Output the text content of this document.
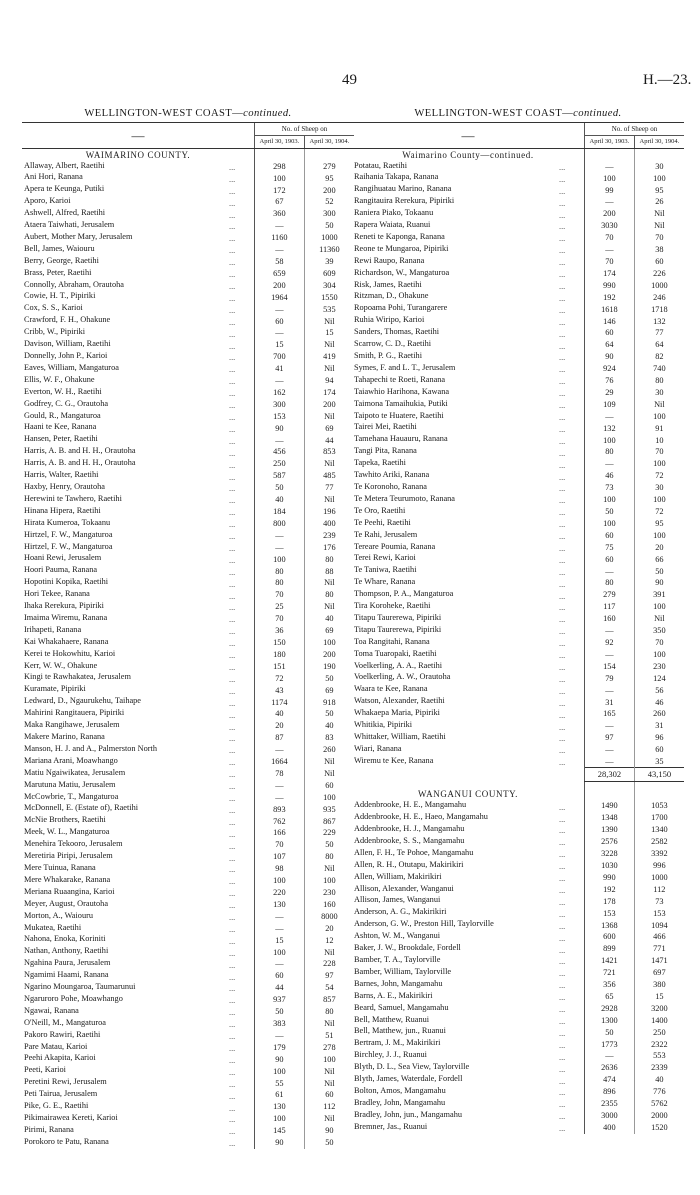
49	H.—23.
WELLINGTON-WEST COAST—continued.
—	No. of Sheep on	
	April 30, 1903.	April 30, 1904.
WAIMARINO COUNTY.		
Allaway, Albert, Raetihi ...	298	279
Ani Hori, Ranana ...	100	95
Apera te Keunga, Putiki ...	172	200
Aporo, Karioi ...	67	52
Ashwell, Alfred, Raetihi ...	360	300
Ataera Taiwhati, Jerusalem ...	—	50
Aubert, Mother Mary, Jerusalem ...	1160	1000
Bell, James, Waiouru ...	—	11360
Berry, George, Raetihi ...	58	39
Brass, Peter, Raetihi ...	659	609
Connolly, Abraham, Orautoha ...	200	304
Cowie, H. T., Pipiriki ...	1964	1550
Cox, S. S., Karioi ...	—	535
Crawford, F. H., Ohakune ...	60	Nil
Cribb, W., Pipiriki ...	—	15
Davison, William, Raetihi ...	15	Nil
Donnelly, John P., Karioi ...	700	419
Eaves, William, Mangaturoa ...	41	Nil
Ellis, W. F., Ohakune ...	—	94
Everton, W. H., Raetihi ...	162	174
Godfrey, C. G., Orautoha ...	300	200
Gould, R., Mangaturoa ...	153	Nil
Haani te Kee, Ranana ...	90	69
Hansen, Peter, Raetihi ...	—	44
Harris, A. B. and H. H., Orautoha ...	456	853
Harris, A. B. and H. H., Orautoha ...	250	Nil
Harris, Walter, Raetihi ...	587	485
Haxby, Henry, Orautoha ...	50	77
Herewini te Tawhero, Raetihi ...	40	Nil
Hinana Hipera, Raetihi ...	184	196
Hirata Kumeroa, Tokaanu ...	800	400
Hirtzel, F. W., Mangaturoa ...	—	239
Hirtzel, F. W., Mangaturoa ...	—	176
Hoani Rewi, Jerusalem ...	100	80
Hoori Pauma, Ranana ...	80	88
Hopotini Kopika, Raetihi ...	80	Nil
Hori Tekee, Ranana ...	70	80
Ihaka Rerekura, Pipiriki ...	25	Nil
Imaima Wiremu, Ranana ...	70	40
Irihapeti, Ranana ...	36	69
Kai Whakahaere, Ranana ...	150	100
Kerei te Hokowhitu, Karioi ...	180	200
Kerr, W. W., Ohakune ...	151	190
Kingi te Rawhakatea, Jerusalem ...	72	50
Kuramate, Pipiriki ...	43	69
Ledward, D., Ngaurukehu, Taihape ...	1174	918
Mahirini Rangitauera, Pipiriki ...	40	50
Maka Rangihawe, Jerusalem ...	20	40
Makere Marino, Ranana ...	87	83
Manson, H. J. and A., Palmerston North ...	—	260
Mariana Arani, Moawhango ...	1664	Nil
Matiu Ngaiwikatea, Jerusalem ...	78	Nil
Marutuna Matiu, Jerusalem ...	—	60
McCowbrie, T., Mangaturoa ...	—	100
McDonnell, E. (Estate of), Raetihi ...	893	935
McNie Brothers, Raetihi ...	762	867
Meek, W. L., Mangaturoa ...	166	229
Menehira Tekooro, Jerusalem ...	70	50
Meretiria Piripi, Jerusalem ...	107	80
Mere Tuinua, Ranana ...	98	Nil
Mere Whakarake, Ranana ...	100	100
Meriana Ruaangina, Karioi ...	220	230
Meyer, August, Orautoha ...	130	160
Morton, A., Waiouru ...	—	8000
Mukatea, Raetihi ...	—	20
Nahona, Enoka, Koriniti ...	15	12
Nathan, Anthony, Raetihi ...	100	Nil
Ngahina Paura, Jerusalem ...	—	228
Ngamimi Haami, Ranana ...	60	97
Ngarino Moungaroa, Taumarunui ...	44	54
Ngaruroro Pohe, Moawhango ...	937	857
Ngawai, Ranana ...	50	80
O'Neill, M., Mangaturoa ...	383	Nil
Pakoro Rawiri, Raetihi ...	—	51
Pare Matau, Karioi ...	179	278
Peehi Akapita, Karioi ...	90	100
Peeti, Karioi ...	100	Nil
Peretini Rewi, Jerusalem ...	55	Nil
Peti Tairua, Jerusalem ...	61	60
Pike, G. E., Raetihi ...	130	112
Pikimairawea Kereti, Karioi ...	100	Nil
Pirimi, Ranana ...	145	90
Porokoro te Patu, Ranana ...	90	50
WELLINGTON-WEST COAST—continued.
—	No. of Sheep on	
	April 30, 1903.	April 30, 1904.
Waimarino County—continued.		
Potatau, Raetihi ...	—	30
Raihania Takapa, Ranana ...	100	100
Rangihuatau Marino, Ranana ...	99	95
Rangitauira Rerekura, Pipiriki ...	—	26
Raniera Piako, Tokaanu ...	200	Nil
Rapera Waiata, Ruanui ...	3030	Nil
Reneti te Kaponga, Ranana ...	70	70
Reone te Mungaroa, Pipiriki ...	—	38
Rewi Raupo, Ranana ...	70	60
Richardson, W., Mangaturoa ...	174	226
Risk, James, Raetihi ...	990	1000
Ritzman, D., Ohakune ...	192	246
Ropoama Pohi, Turangarere ...	1618	1718
Ruhia Wiripo, Karioi ...	146	132
Sanders, Thomas, Raetihi ...	60	77
Scarrow, C. D., Raetihi ...	64	64
Smith, P. G., Raetihi ...	90	82
Symes, F. and L. T., Jerusalem ...	924	740
Tahapechi te Roeti, Ranana ...	76	80
Taiawhio Harihona, Kawana ...	29	30
Taimona Tamaihukia, Putiki ...	109	Nil
Taipoto te Huatere, Raetihi ...	—	100
Tairei Mei, Raetihi ...	132	91
Tamehana Hauauru, Ranana ...	100	10
Tangi Pita, Ranana ...	80	70
Tapeka, Raetihi ...	—	100
Tawhito Ariki, Ranana ...	46	72
Te Koronoho, Ranana ...	73	30
Te Metera Teurumoto, Ranana ...	100	100
Te Oro, Raetihi ...	50	72
Te Peehi, Raetihi ...	100	95
Te Rahi, Jerusalem ...	60	100
Tereare Poumia, Ranana ...	75	20
Terei Rewi, Karioi ...	60	66
Te Taniwa, Raetihi ...	—	50
Te Whare, Ranana ...	80	90
Thompson, P. A., Mangaturoa ...	279	391
Tira Koroheke, Raetihi ...	117	100
Titapu Taurerewa, Pipiriki ...	160	Nil
Titapu Taurerewa, Pipiriki ...	—	350
Toa Rangitahi, Ranana ...	92	70
Toma Tuaropaki, Raetihi ...	—	100
Voelkerling, A. A., Raetihi ...	154	230
Voelkerling, A. W., Orautoha ...	79	124
Waara te Kee, Ranana ...	—	56
Watson, Alexander, Raetihi ...	31	46
Whakaepa Maria, Pipiriki ...	165	260
Whitikia, Pipiriki ...	—	31
Whittaker, William, Raetihi ...	97	96
Wiari, Ranana ...	—	60
Wiremu te Kee, Ranana ...	—	35
	28,302	43,150

WANGANUI COUNTY.		
Addenbrooke, H. E., Mangamahu ...	1490	1053
Addenbrooke, H. E., Haeo, Mangamahu ...	1348	1700
Addenbrooke, H. J., Mangamahu ...	1390	1340
Addenbrooke, S. S., Mangamahu ...	2576	2582
Allen, F. H., Te Pohoe, Mangamahu ...	3228	3392
Allen, R. H., Otutapu, Makirikiri ...	1030	996
Allen, William, Makirikiri ...	990	1000
Allison, Alexander, Wanganui ...	192	112
Allison, James, Wanganui ...	178	73
Anderson, A. G., Makirikiri ...	153	153
Anderson, G. W., Preston Hill, Taylorville ...	1368	1094
Ashton, W. M., Wanganui ...	600	466
Baker, J. W., Brookdale, Fordell ...	899	771
Bamber, T. A., Taylorville ...	1421	1471
Bamber, William, Taylorville ...	721	697
Barnes, John, Mangamahu ...	356	380
Barns, A. E., Makirikiri ...	65	15
Beard, Samuel, Mangamahu ...	2928	3200
Bell, Matthew, Ruanui ...	1300	1400
Bell, Matthew, jun., Ruanui ...	50	250
Bertram, J. M., Makirikiri ...	1773	2322
Birchley, J. J., Ruanui ...	—	553
Blyth, D. L., Sea View, Taylorville ...	2636	2339
Blyth, James, Waterdale, Fordell ...	474	40
Bolton, Amos, Mangamahu ...	896	776
Bradley, John, Mangamahu ...	2355	5762
Bradley, John, jun., Mangamahu ...	3000	2000
Bremner, Jas., Ruanui ...	400	1520
